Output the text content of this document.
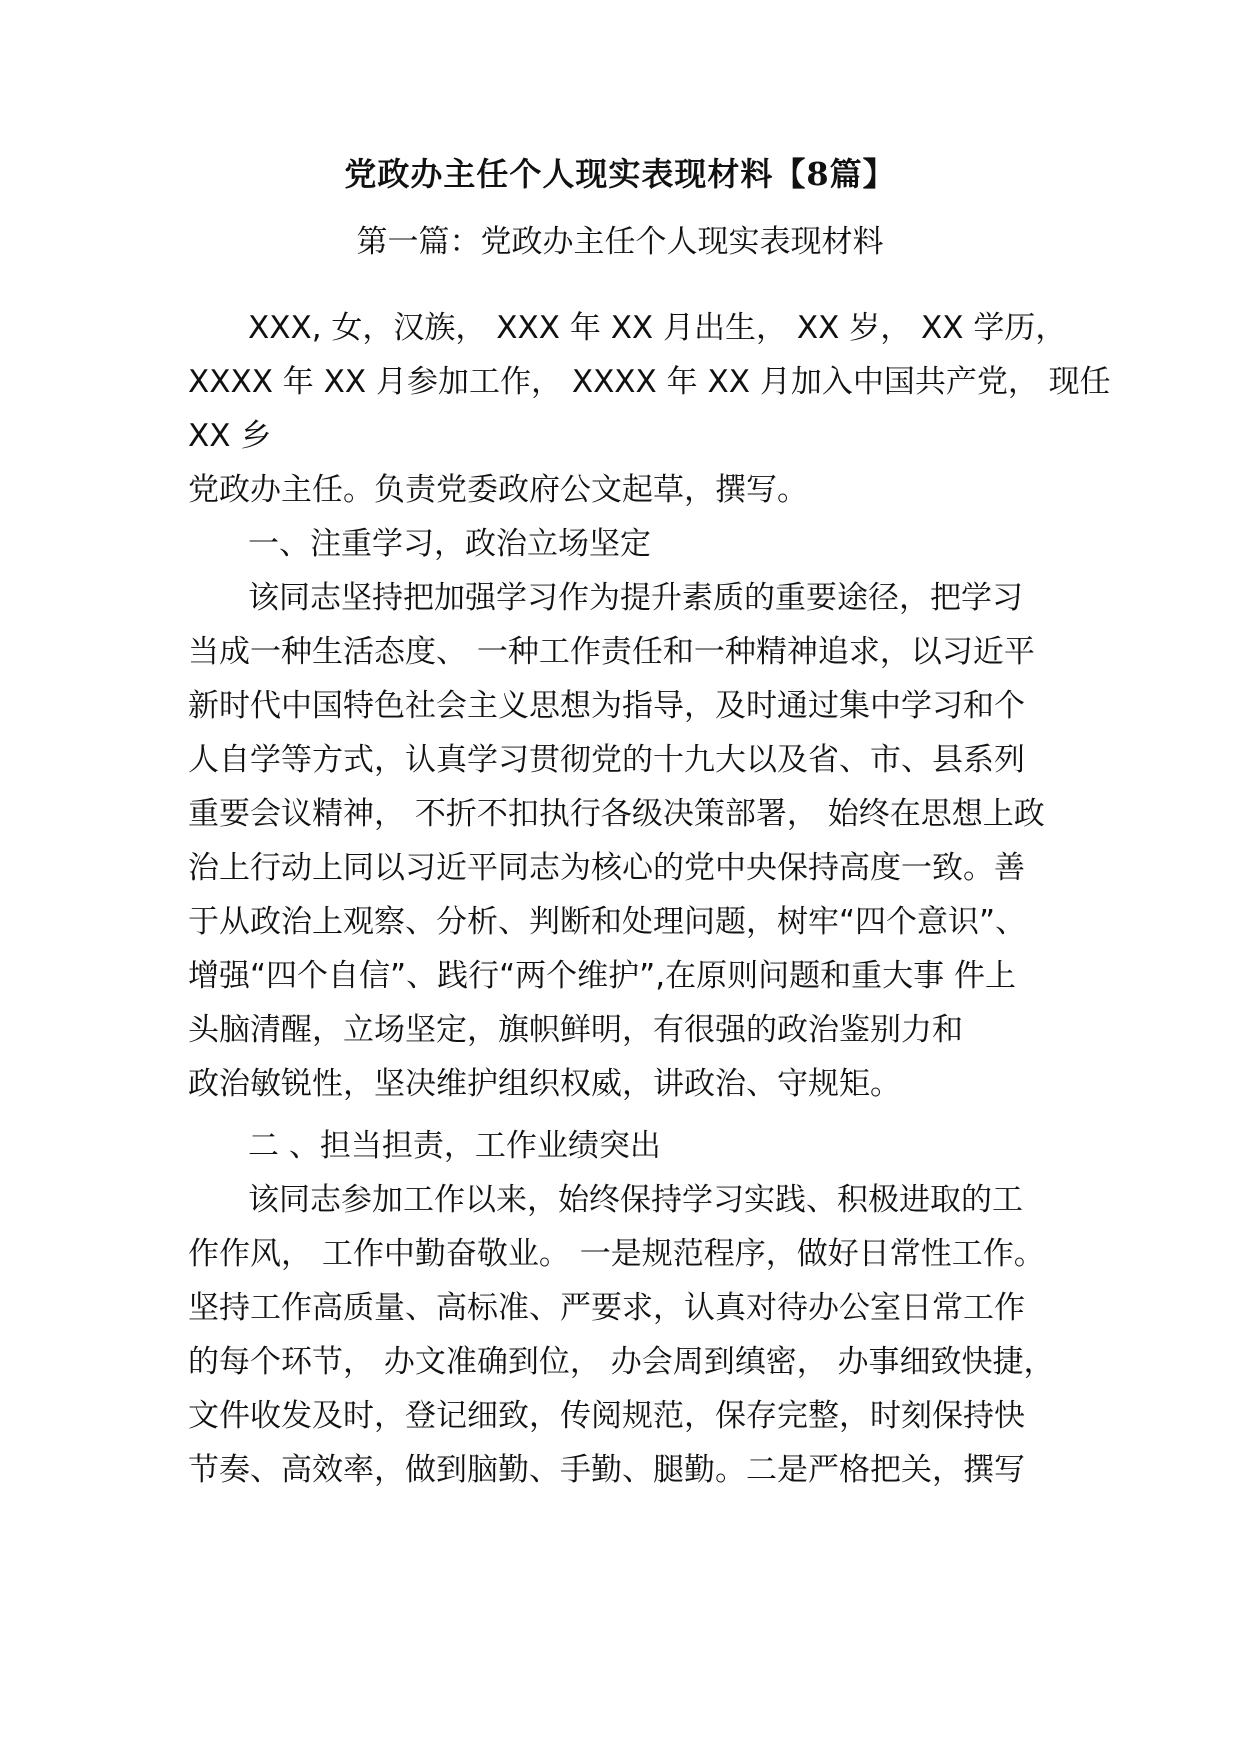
党政办主任个人现实表现材料【8篇】
第一篇：党政办主任个人现实表现材料
XXX, 女，汉族， XXX 年 XX 月出生， XX 岁， XX 学历，
XXXX 年 XX 月参加工作， XXXX 年 XX 月加入中国共产党， 现任
XX 乡
党政办主任。负责党委政府公文起草，撰写。
一、注重学习，政治立场坚定
该同志坚持把加强学习作为提升素质的重要途径，把学习
当成一种生活态度、 一种工作责任和一种精神追求，以习近平
新时代中国特色社会主义思想为指导，及时通过集中学习和个
人自学等方式，认真学习贯彻党的十九大以及省、市、县系列
重要会议精神， 不折不扣执行各级决策部署， 始终在思想上政
治上行动上同以习近平同志为核心的党中央保持高度一致。善
于从政治上观察、分析、判断和处理问题，树牢“四个意识”、
增强“四个自信”、践行“两个维护”,在原则问题和重大事 件上
头脑清醒，立场坚定，旗帜鲜明，有很强的政治鉴别力和
政治敏锐性，坚决维护组织权威，讲政治、守规矩。
二 、担当担责，工作业绩突出
该同志参加工作以来，始终保持学习实践、积极进取的工
作作风， 工作中勤奋敬业。 一是规范程序，做好日常性工作。
坚持工作高质量、高标准、严要求，认真对待办公室日常工作
的每个环节， 办文准确到位， 办会周到缜密， 办事细致快捷，
文件收发及时，登记细致，传阅规范，保存完整，时刻保持快
节奏、高效率，做到脑勤、手勤、腿勤。二是严格把关，撰写
